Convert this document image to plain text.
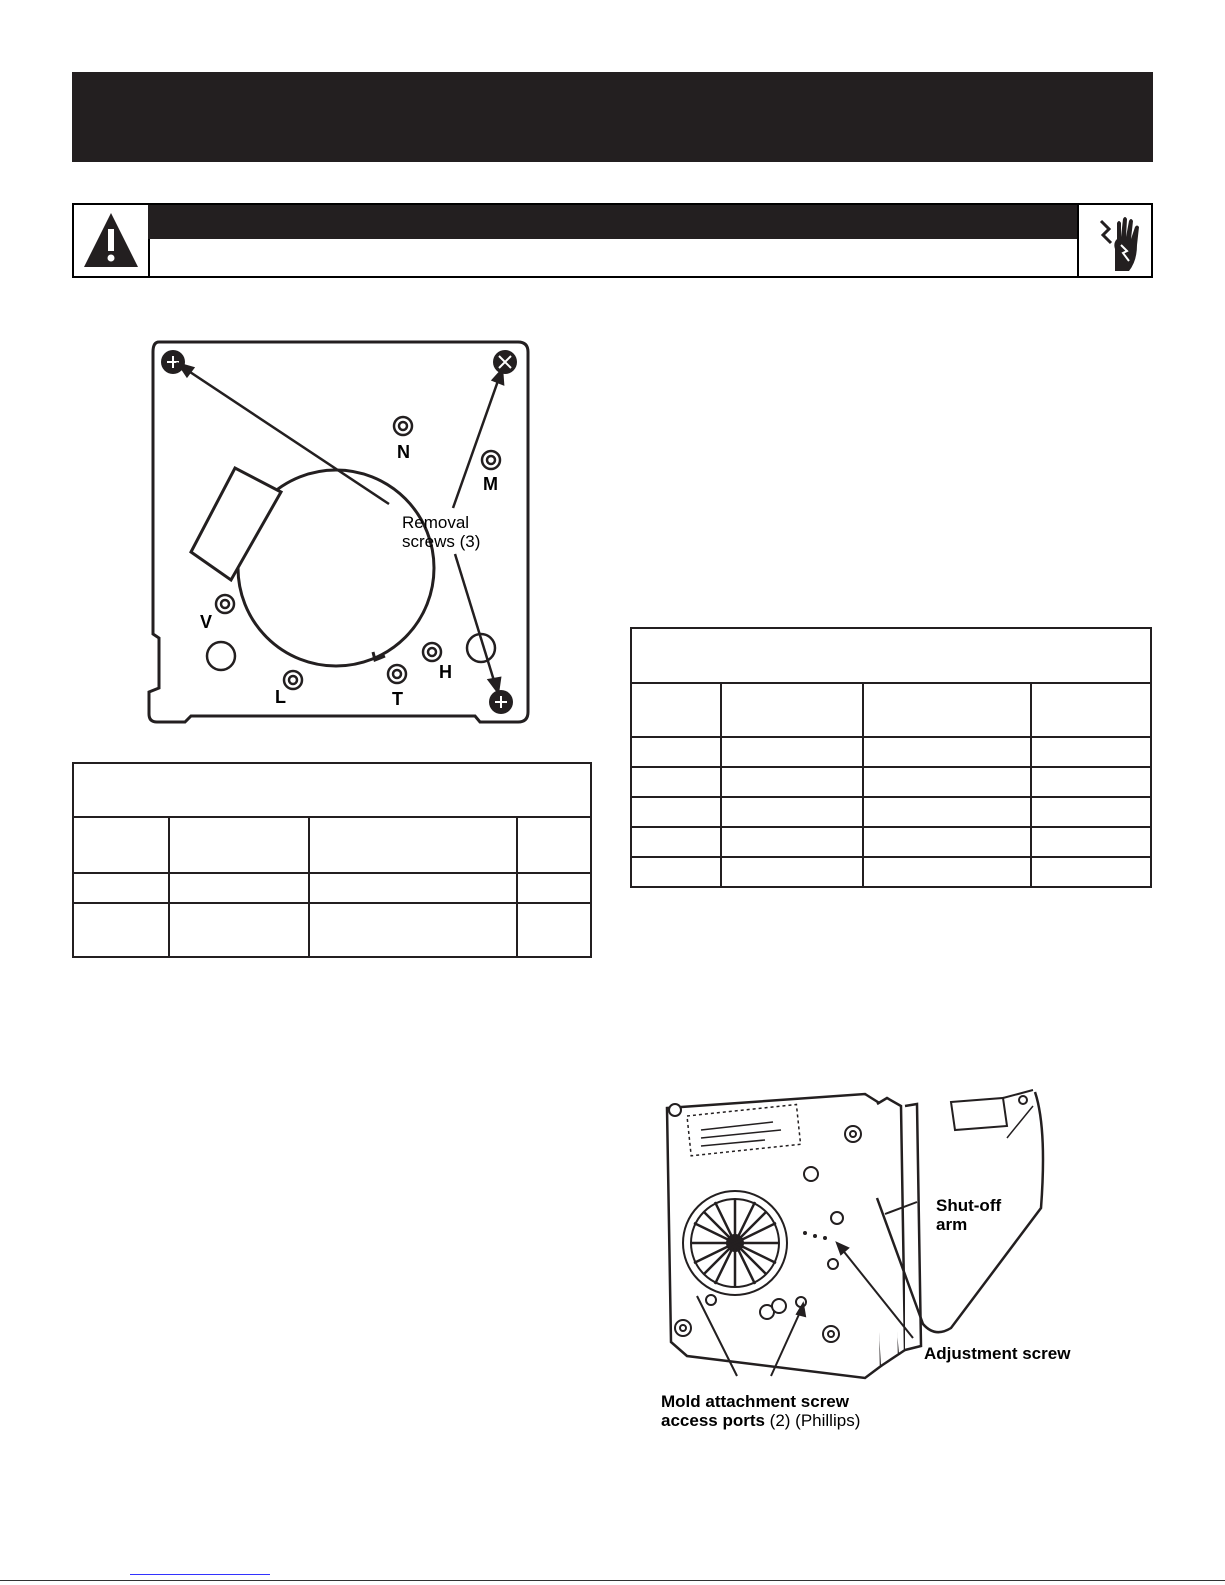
N
M
V
L	T
H
Removal
screws (3)

Shut-off
arm
Adjustment screw
Mold attachment screw
access ports (2) (Phillips)
